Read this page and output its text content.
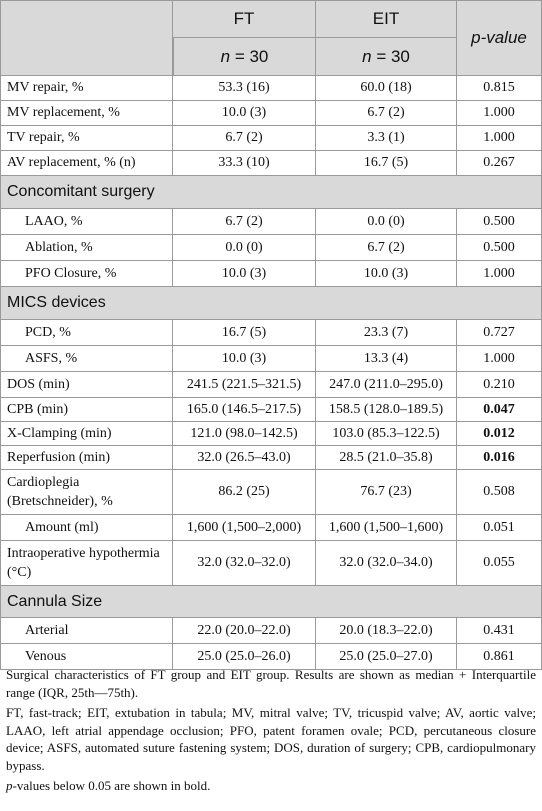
	FT	EIT	p-value
	n = 30	n = 30	
MV repair, %	53.3 (16)	60.0 (18)	0.815
MV replacement, %	10.0 (3)	6.7 (2)	1.000
TV repair, %	6.7 (2)	3.3 (1)	1.000
AV replacement, % (n)	33.3 (10)	16.7 (5)	0.267
Concomitant surgery			
LAAO, %	6.7 (2)	0.0 (0)	0.500
Ablation, %	0.0 (0)	6.7 (2)	0.500
PFO Closure, %	10.0 (3)	10.0 (3)	1.000
MICS devices			
PCD, %	16.7 (5)	23.3 (7)	0.727
ASFS, %	10.0 (3)	13.3 (4)	1.000
DOS (min)	241.5 (221.5–321.5)	247.0 (211.0–295.0)	0.210
CPB (min)	165.0 (146.5–217.5)	158.5 (128.0–189.5)	0.047
X-Clamping (min)	121.0 (98.0–142.5)	103.0 (85.3–122.5)	0.012
Reperfusion (min)	32.0 (26.5–43.0)	28.5 (21.0–35.8)	0.016
Cardioplegia (Bretschneider), %	86.2 (25)	76.7 (23)	0.508
Amount (ml)	1,600 (1,500–2,000)	1,600 (1,500–1,600)	0.051
Intraoperative hypothermia (°C)	32.0 (32.0–32.0)	32.0 (32.0–34.0)	0.055
Cannula Size			
Arterial	22.0 (20.0–22.0)	20.0 (18.3–22.0)	0.431
Venous	25.0 (25.0–26.0)	25.0 (25.0–27.0)	0.861

Surgical characteristics of FT group and EIT group. Results are shown as median + Interquartile range (IQR, 25th—75th).

FT, fast-track; EIT, extubation in tabula; MV, mitral valve; TV, tricuspid valve; AV, aortic valve; LAAO, left atrial appendage occlusion; PFO, patent foramen ovale; PCD, percutaneous closure device; ASFS, automated suture fastening system; DOS, duration of surgery; CPB, cardiopulmonary bypass.

p-values below 0.05 are shown in bold.
